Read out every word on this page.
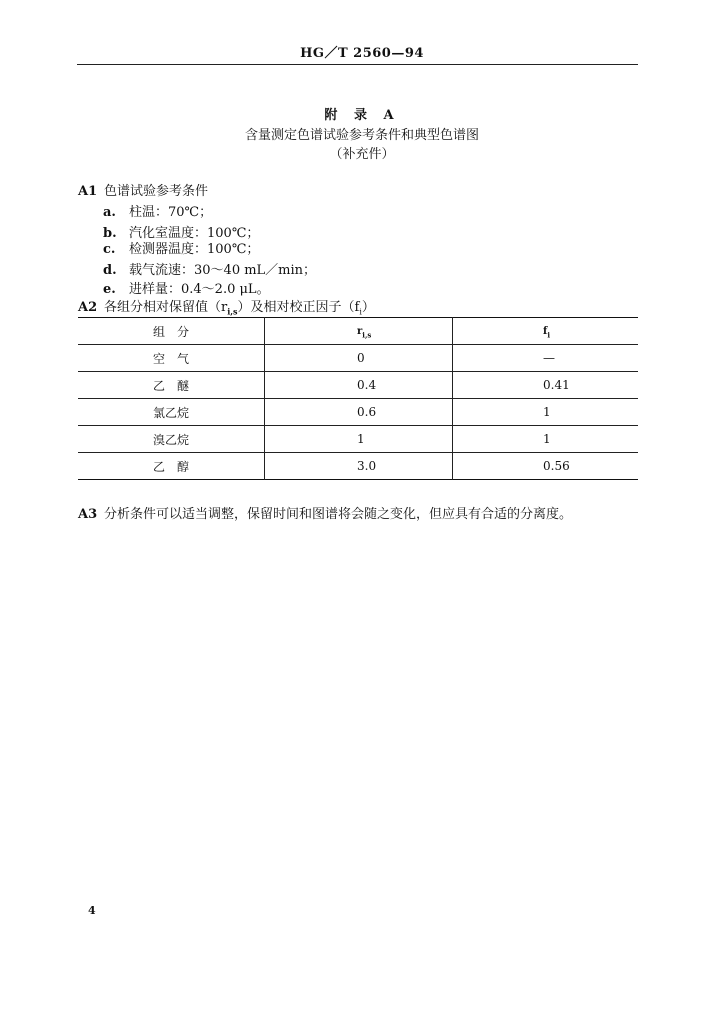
HG／T 2560—94
附 录 A
含量测定色谱试验参考条件和典型色谱图
（补充件）
A1 色谱试验参考条件
a. 柱温：70℃；
b. 汽化室温度：100℃；
c. 检测器温度：100℃；
d. 载气流速：30～40 mL／min；
e. 进样量：0.4～2.0 μL。
A2 各组分相对保留值$(r_{i,s})$及相对校正因子$(f_i)$
组　分	$r_{i,s}$	$f_i$
空　气	0	—
乙　醚	0.4	0.41
氯乙烷	0.6	1
溴乙烷	1	1
乙　醇	3.0	0.56
A3 分析条件可以适当调整，保留时间和图谱将会随之变化，但应具有合适的分离度。
4
